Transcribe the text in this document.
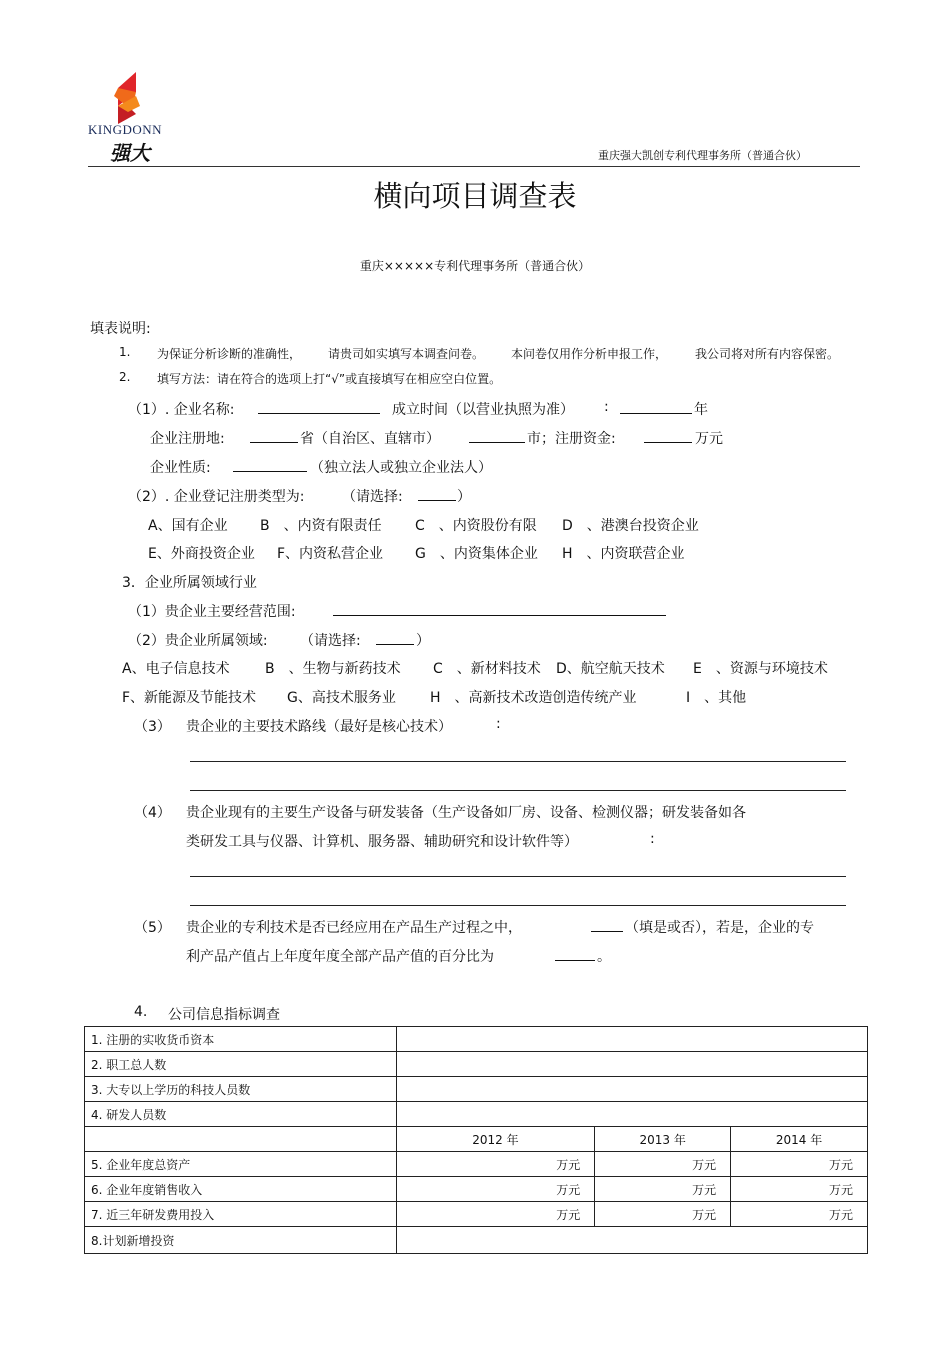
KINGDONN
强大	重庆强大凯创专利代理事务所（普通合伙）
横向项目调查表
重庆×××××专利代理事务所（普通合伙）
填表说明:
1. 为保证分析诊断的准确性， 请贵司如实填写本调查问卷。 本问卷仅用作分析申报工作， 我公司将对所有内容保密。
2. 填写方法：请在符合的选项上打“√”或直接填写在相应空白位置。
（1）. 企业名称:	成立时间（以营业执照为准） :	年
企业注册地:	省（自治区、直辖市）	市；注册资金:	万元
企业性质:	（独立法人或独立企业法人）
（2）. 企业登记注册类型为:	（请选择:	）
A、国有企业 B　、内资有限责任 C　、内资股份有限 D　、港澳台投资企业
E、外商投资企业 F、内资私营企业 G　、内资集体企业 H　、内资联营企业
3．企业所属领域行业
（1）贵企业主要经营范围:
（2）贵企业所属领域: （请选择:	）
A、电子信息技术	B　、生物与新药技术 C　、新材料技术 D、航空航天技术 E　、资源与环境技术
F、新能源及节能技术 G、高技术服务业 H　、高新技术改造创造传统产业	I　、其他
（3） 贵企业的主要技术路线（最好是核心技术）	:
（4） 贵企业现有的主要生产设备与研发装备（生产设备如厂房、设备、检测仪器；研发装备如各
类研发工具与仪器、计算机、服务器、辅助研究和设计软件等）	:
（5） 贵企业的专利技术是否已经应用在产品生产过程之中，	（填是或否），若是，企业的专
利产品产值占上年度年度全部产品产值的百分比为	。
4. 公司信息指标调查
1. 注册的实收货币资本			
2. 职工总人数			
3. 大专以上学历的科技人员数			
4. 研发人员数			
	2012 年	2013 年	2014 年
5. 企业年度总资产	万元	万元	万元
6. 企业年度销售收入	万元	万元	万元
7. 近三年研发费用投入	万元	万元	万元
8.计划新增投资			
